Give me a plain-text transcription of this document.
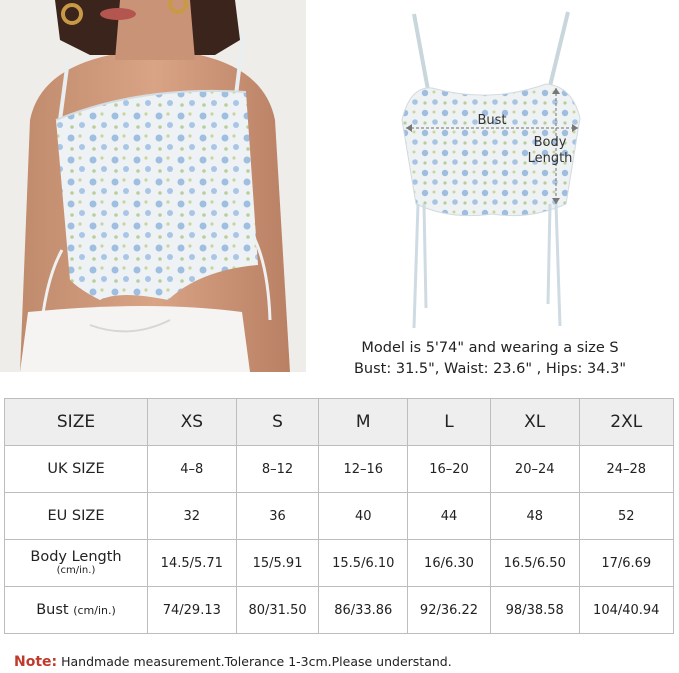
Bust
Body
Length
Model is 5'74" and wearing a size S
Bust: 31.5", Waist: 23.6" , Hips: 34.3"
SIZE	XS	S	M	L	XL	2XL
UK SIZE	4–8	8–12	12–16	16–20	20–24	24–28
EU SIZE	32	36	40	44	48	52
Body Length
(cm/in.)	14.5/5.71	15/5.91	15.5/6.10	16/6.30	16.5/6.50	17/6.69
Bust (cm/in.)	74/29.13	80/31.50	86/33.86	92/36.22	98/38.58	104/40.94
Note: Handmade measurement.Tolerance 1-3cm.Please understand.
